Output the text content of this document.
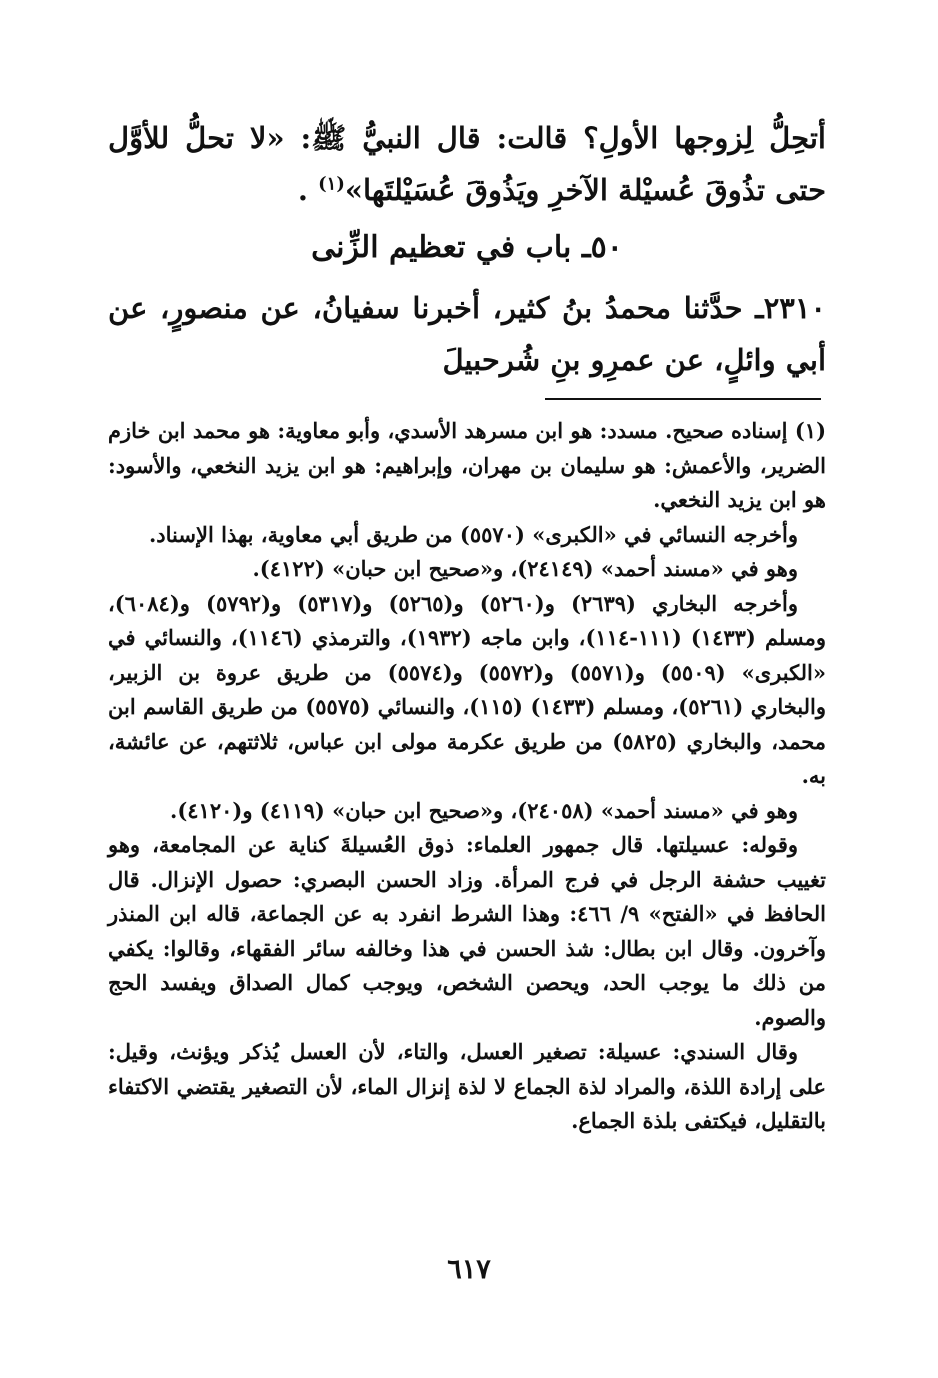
أتحِلُّ لِزوجها الأولِ؟ قالت: قال النبيُّ ﷺ: «لا تحلُّ للأوَّل حتى تذُوقَ عُسيْلة الآخرِ ويَذُوقَ عُسَيْلتَها»$^{(١)}$ .

٥٠ـ باب في تعظيم الزِّنى

٢٣١٠ـ حدَّثنا محمدُ بنُ كثير، أخبرنا سفيانُ، عن منصورٍ، عن أبي وائلٍ، عن عمرِو بنِ شُرحبيلَ

(١) إسناده صحيح. مسدد: هو ابن مسرهد الأسدي، وأبو معاوية: هو محمد ابن خازم الضرير، والأعمش: هو سليمان بن مهران، وإبراهيم: هو ابن يزيد النخعي، والأسود: هو ابن يزيد النخعي.

وأخرجه النسائي في «الكبرى» (٥٥٧٠) من طريق أبي معاوية، بهذا الإسناد.

وهو في «مسند أحمد» (٢٤١٤٩)، و«صحيح ابن حبان» (٤١٢٢).

وأخرجه البخاري (٢٦٣٩) و(٥٢٦٠) و(٥٢٦٥) و(٥٣١٧) و(٥٧٩٢) و(٦٠٨٤)، ومسلم (١٤٣٣) (١١١-١١٤)، وابن ماجه (١٩٣٢)، والترمذي (١١٤٦)، والنسائي في «الكبرى» (٥٥٠٩) و(٥٥٧١) و(٥٥٧٢) و(٥٥٧٤) من طريق عروة بن الزبير، والبخاري (٥٢٦١)، ومسلم (١٤٣٣) (١١٥)، والنسائي (٥٥٧٥) من طريق القاسم ابن محمد، والبخاري (٥٨٢٥) من طريق عكرمة مولى ابن عباس، ثلاثتهم، عن عائشة، به.

وهو في «مسند أحمد» (٢٤٠٥٨)، و«صحيح ابن حبان» (٤١١٩) و(٤١٢٠).

وقوله: عسيلتها. قال جمهور العلماء: ذوق العُسيلةَ كناية عن المجامعة، وهو تغييب حشفة الرجل في فرج المرأة. وزاد الحسن البصري: حصول الإنزال. قال الحافظ في «الفتح» ٩/ ٤٦٦: وهذا الشرط انفرد به عن الجماعة، قاله ابن المنذر وآخرون. وقال ابن بطال: شذ الحسن في هذا وخالفه سائر الفقهاء، وقالوا: يكفي من ذلك ما يوجب الحد، ويحصن الشخص، ويوجب كمال الصداق ويفسد الحج والصوم.

وقال السندي: عسيلة: تصغير العسل، والتاء، لأن العسل يُذكر ويؤنث، وقيل: على إرادة اللذة، والمراد لذة الجماع لا لذة إنزال الماء، لأن التصغير يقتضي الاكتفاء بالتقليل، فيكتفى بلذة الجماع.

٦١٧
